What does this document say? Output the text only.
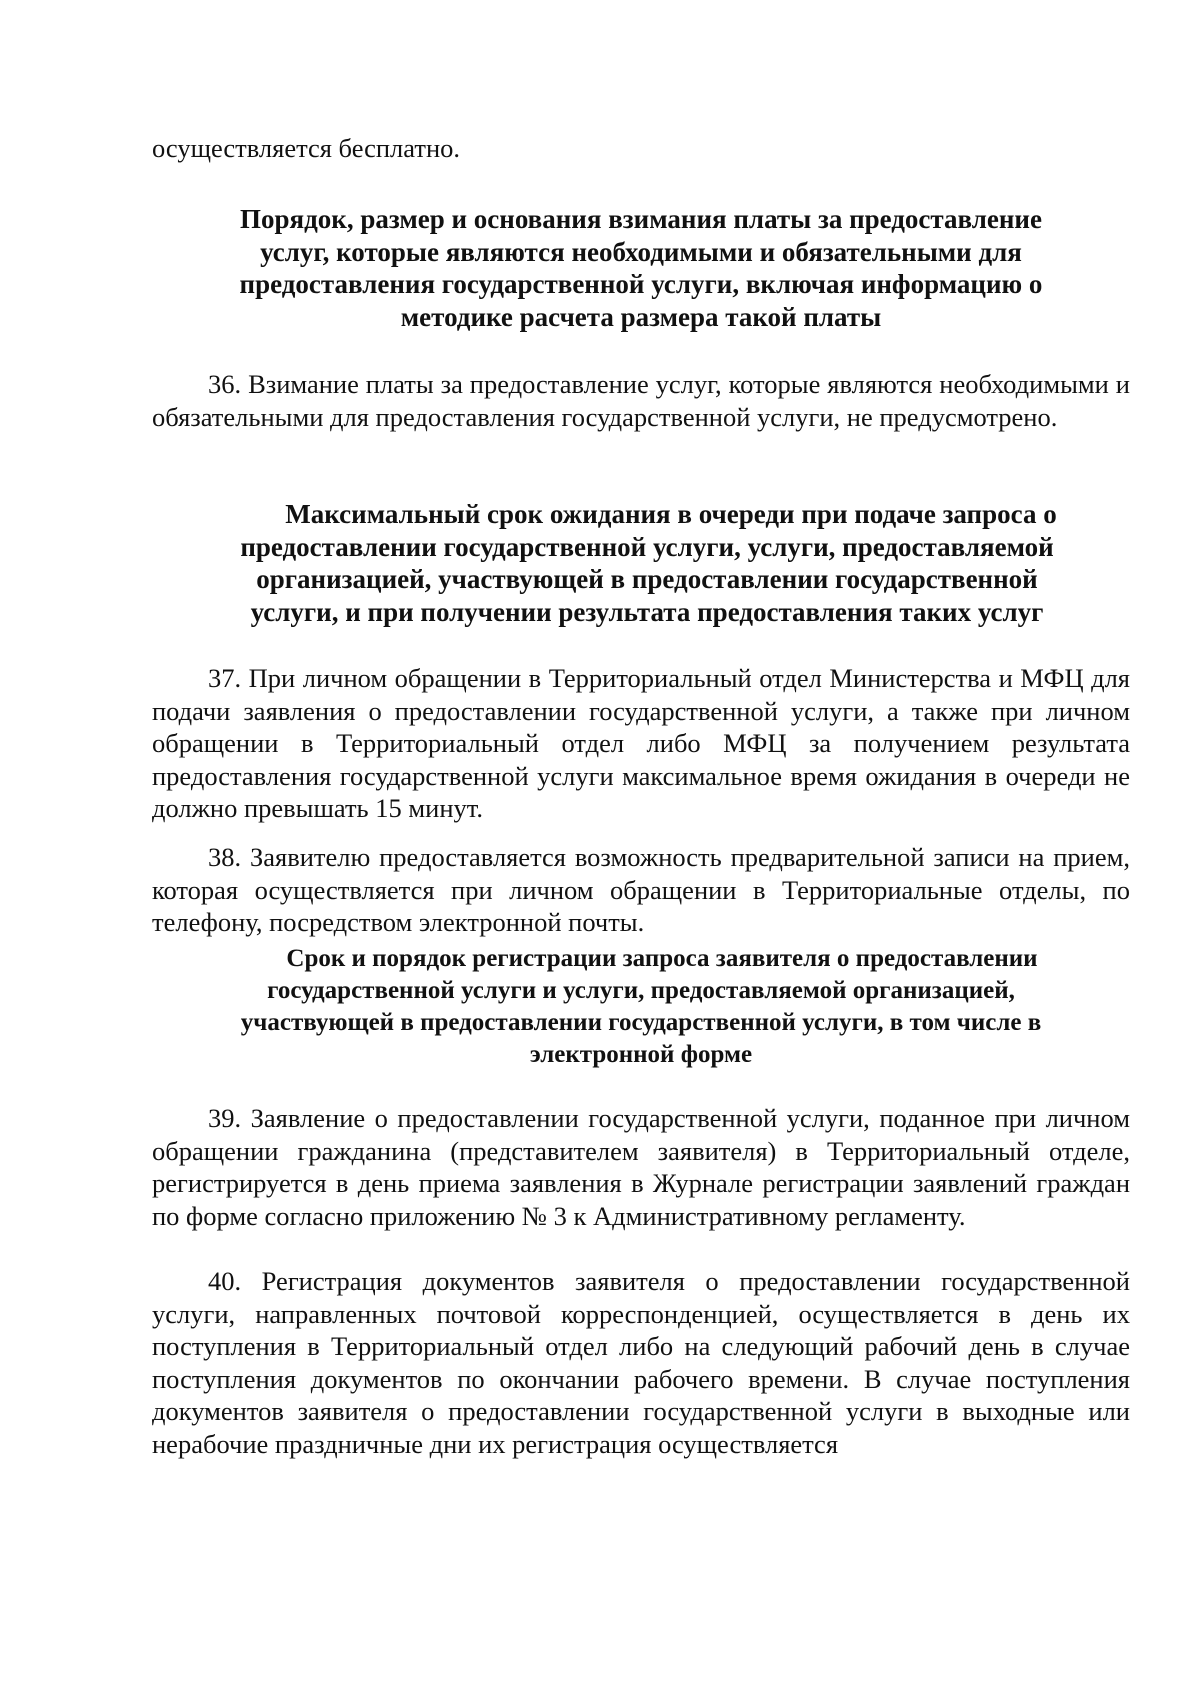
осуществляется бесплатно.

Порядок, размер и основания взимания платы за предоставление
услуг, которые являются необходимыми и обязательными для
предоставления государственной услуги, включая информацию о
методике расчета размера такой платы

36. Взимание платы за предоставление услуг, которые являются необходимыми и обязательными для предоставления государственной услуги, не предусмотрено.

Максимальный срок ожидания в очереди при подаче запроса о
предоставлении государственной услуги, услуги, предоставляемой
организацией, участвующей в предоставлении государственной
услуги, и при получении результата предоставления таких услуг

37. При личном обращении в Территориальный отдел Министерства и МФЦ для подачи заявления о предоставлении государственной услуги, а также при личном обращении в Территориальный отдел либо МФЦ за получением результата предоставления государственной услуги максимальное время ожидания в очереди не должно превышать 15 минут.

38. Заявителю предоставляется возможность предварительной записи на прием, которая осуществляется при личном обращении в Территориальные отделы, по телефону, посредством электронной почты.

Срок и порядок регистрации запроса заявителя о предоставлении
государственной услуги и услуги, предоставляемой организацией,
участвующей в предоставлении государственной услуги, в том числе в
электронной форме

39. Заявление о предоставлении государственной услуги, поданное при личном обращении гражданина (представителем заявителя) в Территориальный отделе, регистрируется в день приема заявления в Журнале регистрации заявлений граждан по форме согласно приложению № 3 к Административному регламенту.

40. Регистрация документов заявителя о предоставлении государственной услуги, направленных почтовой корреспонденцией, осуществляется в день их поступления в Территориальный отдел либо на следующий рабочий день в случае поступления документов по окончании рабочего времени. В случае поступления документов заявителя о предоставлении государственной услуги в выходные или нерабочие праздничные дни их регистрация осуществляется
